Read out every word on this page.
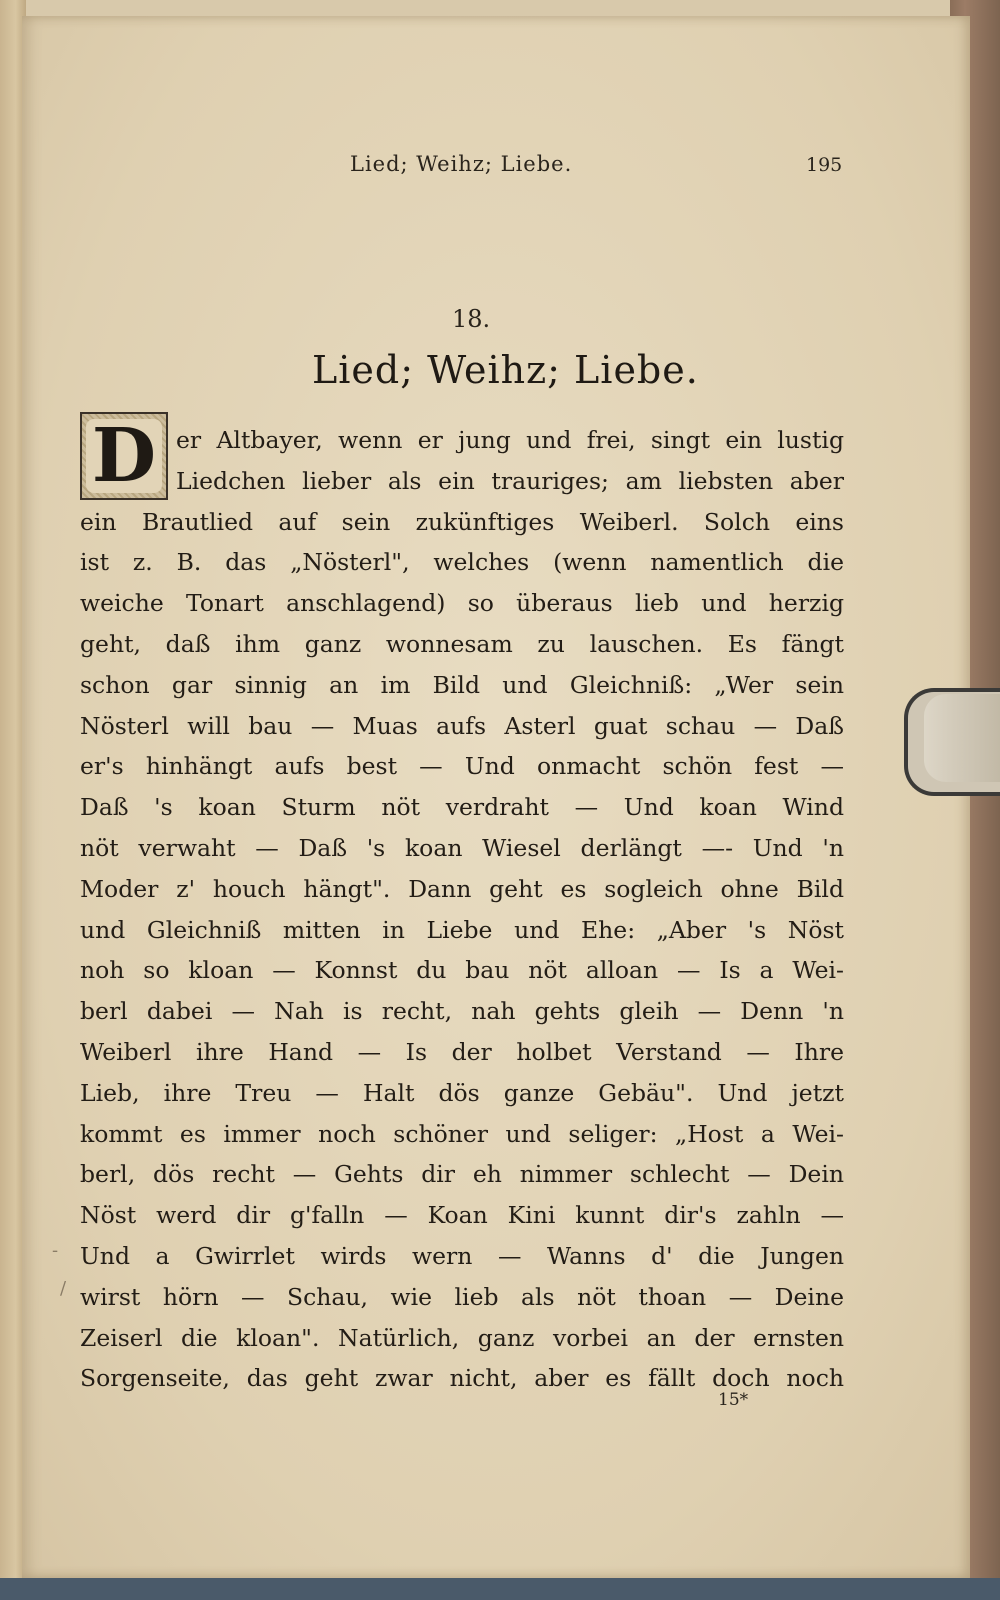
Lied; Weihz; Liebe.	195
18.
Lied; Weihz; Liebe.
D er Altbayer, wenn er jung und frei, singt ein lustig
Liedchen lieber als ein trauriges; am liebsten aber
ein Brautlied auf sein zukünftiges Weiberl. Solch eins
ist z. B. das „Nösterl", welches (wenn namentlich die
weiche Tonart anschlagend) so überaus lieb und herzig
geht, daß ihm ganz wonnesam zu lauschen. Es fängt
schon gar sinnig an im Bild und Gleichniß: „Wer sein
Nösterl will bau — Muas aufs Asterl guat schau — Daß
er's hinhängt aufs best — Und onmacht schön fest —
Daß 's koan Sturm nöt verdraht — Und koan Wind
nöt verwaht — Daß 's koan Wiesel derlängt —- Und 'n
Moder z' houch hängt". Dann geht es sogleich ohne Bild
und Gleichniß mitten in Liebe und Ehe: „Aber 's Nöst
noh so kloan — Konnst du bau nöt alloan — Is a Wei-
berl dabei — Nah is recht, nah gehts gleih — Denn 'n
Weiberl ihre Hand — Is der holbet Verstand — Ihre
Lieb, ihre Treu — Halt dös ganze Gebäu". Und jetzt
kommt es immer noch schöner und seliger: „Host a Wei-
berl, dös recht — Gehts dir eh nimmer schlecht — Dein
Nöst werd dir g'falln — Koan Kini kunnt dir's zahln —
Und a Gwirrlet wirds wern — Wanns d' die Jungen
wirst hörn — Schau, wie lieb als nöt thoan — Deine
Zeiserl die kloan". Natürlich, ganz vorbei an der ernsten
Sorgenseite, das geht zwar nicht, aber es fällt doch noch
-
/
15*
